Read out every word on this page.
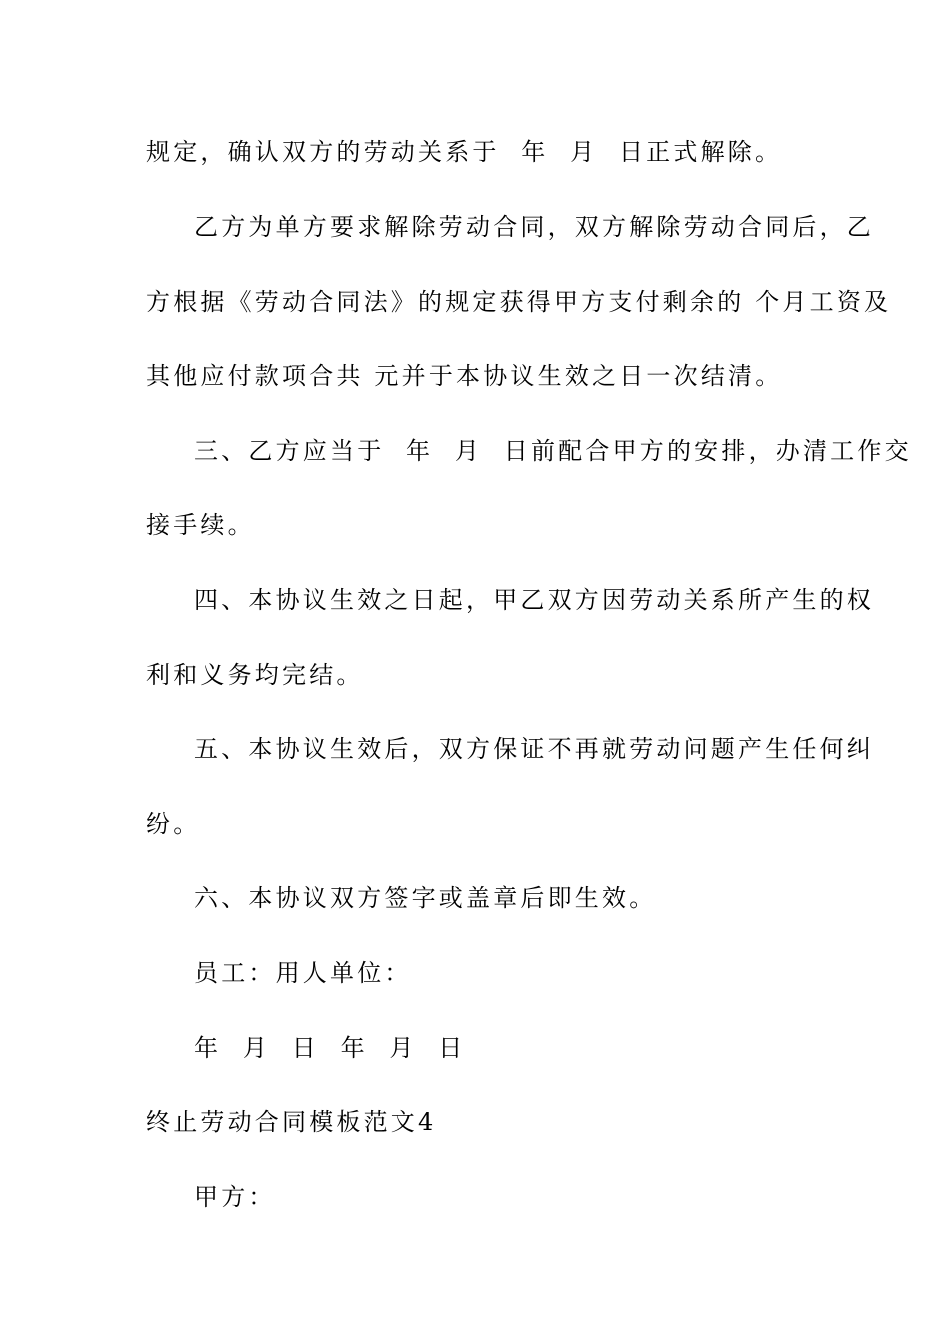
规定，确认双方的劳动关系于  年  月  日正式解除。
乙方为单方要求解除劳动合同，双方解除劳动合同后，乙
方根据《劳动合同法》的规定获得甲方支付剩余的 个月工资及
其他应付款项合共 元并于本协议生效之日一次结清。
三、乙方应当于  年  月  日前配合甲方的安排，办清工作交
接手续。
四、本协议生效之日起，甲乙双方因劳动关系所产生的权
利和义务均完结。
五、本协议生效后，双方保证不再就劳动问题产生任何纠
纷。
六、本协议双方签字或盖章后即生效。
员工：用人单位：
年  月  日  年  月  日
终止劳动合同模板范文4
甲方：
